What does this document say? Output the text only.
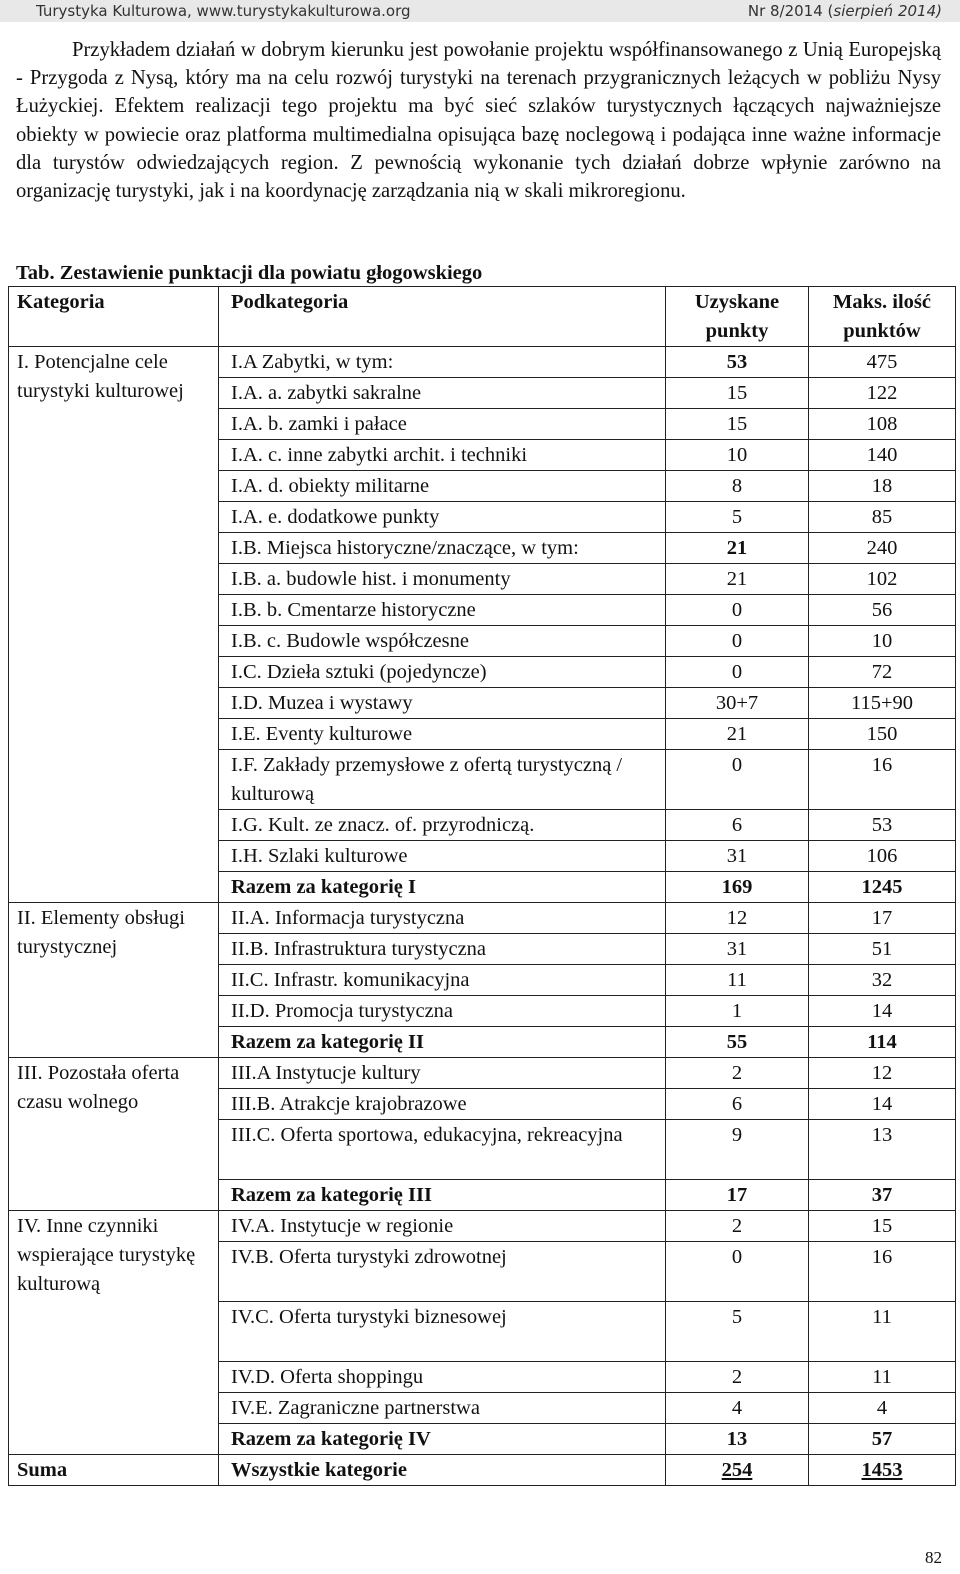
Turystyka Kulturowa, www.turystykakulturowa.org	Nr 8/2014 (sierpień 2014)

Przykładem działań w dobrym kierunku jest powołanie projektu współfinansowanego z Unią Europejską - Przygoda z Nysą, który ma na celu rozwój turystyki na terenach przygranicznych leżących w pobliżu Nysy Łużyckiej. Efektem realizacji tego projektu ma być sieć szlaków turystycznych łączących najważniejsze obiekty w powiecie oraz platforma multimedialna opisująca bazę noclegową i podająca inne ważne informacje dla turystów odwiedzających region. Z pewnością wykonanie tych działań dobrze wpłynie zarówno na organizację turystyki, jak i na koordynację zarządzania nią w skali mikroregionu.

Tab. Zestawienie punktacji dla powiatu głogowskiego
Kategoria	Podkategoria	Uzyskane punkty	Maks. ilość punktów
I. Potencjalne cele turystyki kulturowej	I.A Zabytki, w tym:	53	475
	I.A. a. zabytki sakralne	15	122
	I.A. b. zamki i pałace	15	108
	I.A. c. inne zabytki archit. i techniki	10	140
	I.A. d. obiekty militarne	8	18
	I.A. e. dodatkowe punkty	5	85
	I.B. Miejsca historyczne/znaczące, w tym:	21	240
	I.B. a. budowle hist. i monumenty	21	102
	I.B. b. Cmentarze historyczne	0	56
	I.B. c. Budowle współczesne	0	10
	I.C. Dzieła sztuki (pojedyncze)	0	72
	I.D. Muzea i wystawy	30+7	115+90
	I.E. Eventy kulturowe	21	150
	I.F. Zakłady przemysłowe z ofertą turystyczną / kulturową	0	16
	I.G. Kult. ze znacz. of. przyrodniczą.	6	53
	I.H. Szlaki kulturowe	31	106
	Razem za kategorię I	169	1245
II. Elementy obsługi turystycznej	II.A. Informacja turystyczna	12	17
	II.B. Infrastruktura turystyczna	31	51
	II.C. Infrastr. komunikacyjna	11	32
	II.D. Promocja turystyczna	1	14
	Razem za kategorię II	55	114
III. Pozostała oferta czasu wolnego	III.A Instytucje kultury	2	12
	III.B. Atrakcje krajobrazowe	6	14
	III.C. Oferta sportowa, edukacyjna, rekreacyjna	9	13
	Razem za kategorię III	17	37
IV. Inne czynniki wspierające turystykę kulturową	IV.A. Instytucje w regionie	2	15
	IV.B. Oferta turystyki zdrowotnej	0	16
	IV.C. Oferta turystyki biznesowej	5	11
	IV.D. Oferta shoppingu	2	11
	IV.E. Zagraniczne partnerstwa	4	4
	Razem za kategorię IV	13	57
Suma	Wszystkie kategorie	254	1453
82
